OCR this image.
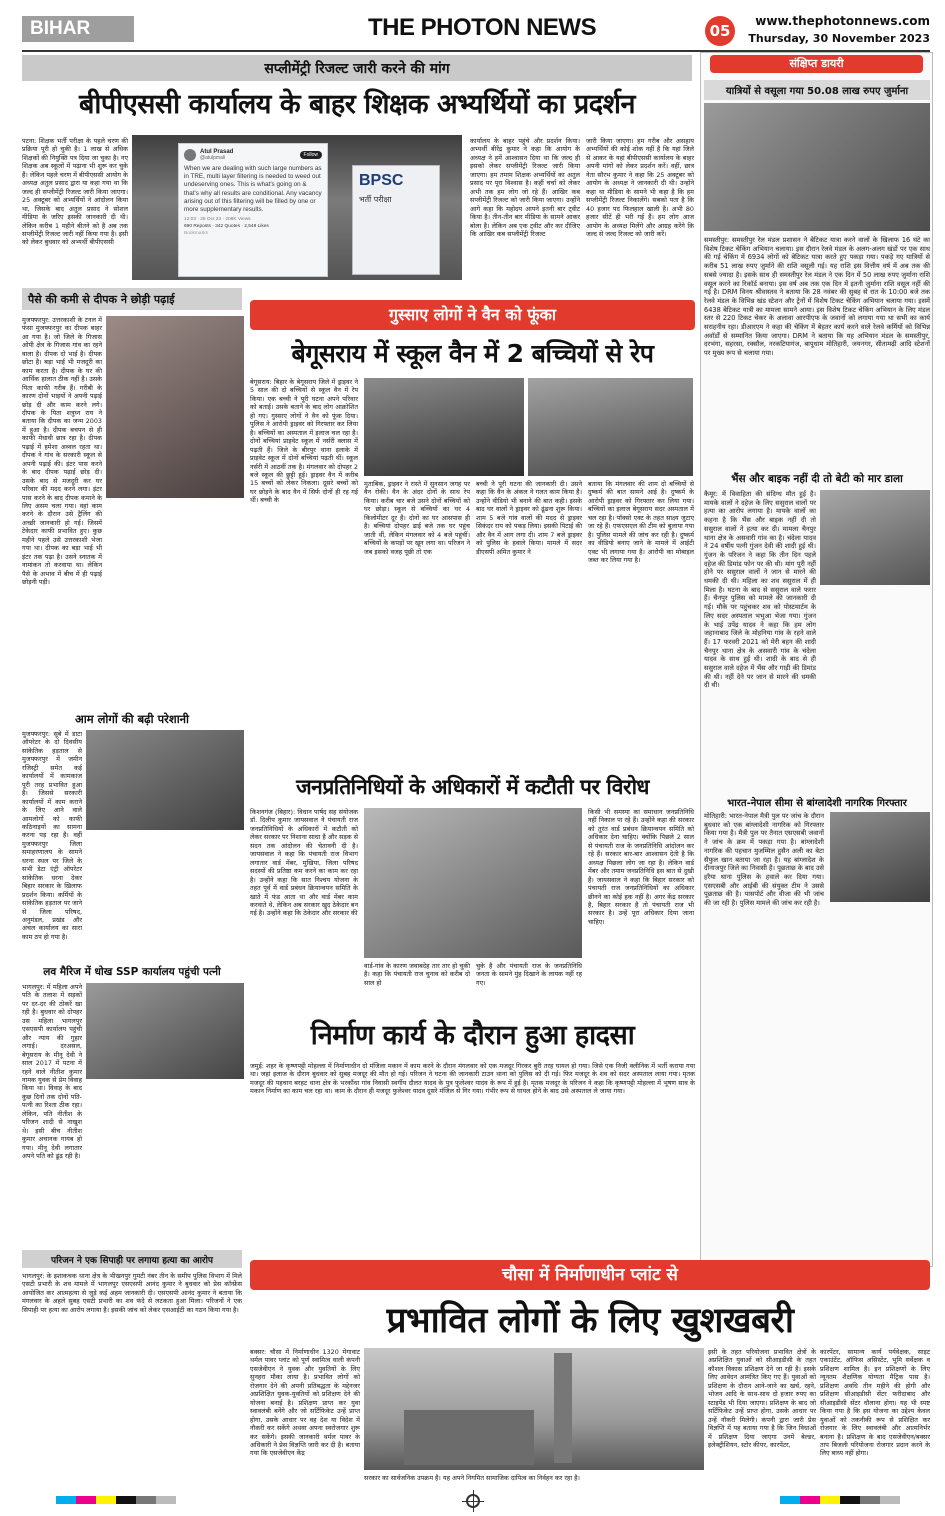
BIHAR	THE PHOTON NEWS	05
www.thephotonnews.com
Thursday, 30 November 2023
सप्लीमेंट्री रिजल्ट जारी करने की मांग
बीपीएससी कार्यालय के बाहर शिक्षक अभ्यर्थियों का प्रदर्शन
पटना: शिक्षक भर्ती परीक्षा के पहले चरण की प्रक्रिया पूरी हो चुकी है। 1 लाख से अधिक शिक्षकों की नियुक्ति पत्र दिया जा चुका है। नए शिक्षक अब स्कूलों में पढ़ाना भी शुरू कर चुके हैं। लेकिन पहले चरण में बीपीएससी आयोग के अध्यक्ष अतुल प्रसाद द्वारा या कहा गया था कि जल्द ही सप्लीमेंट्री रिजल्ट जारी किया जाएगा। 25 अक्टूबर को अभ्यर्थियों ने आंदोलन किया था, जिसके बाद अतुल प्रसाद ने सोशल मीडिया के जरिए इसकी जानकारी दी थी। लेकिन करीब 1 महीने बीतने को है अब तक सप्लीमेंट्री रिजल्ट जारी नहीं किया गया है। इसी को लेकर बुधवार को अभ्यर्थी बीपीएससी
Atul Prasad
@atulpmali	Follow
When we are dealing with such large numbers as in TRE, multi layer filtering is needed to weed out undeserving ones. This is what's going on & that's why all results are conditional. Any vacancy arising out of this filtering will be filled by one or more supplementary results.
12:03 · 25 Oct 23 · 208K Views
690 Reposts · 342 Quotes · 2,548 Likes
Bookmarks
BPSC
भर्ती परीक्षा
कार्यालय के बाहर पहुंचे और प्रदर्शन किया। अभ्यर्थी बीरेंद्र कुमार ने कहा कि आयोग के अध्यक्ष ने हमें आश्वासन दिया था कि जल्द ही इसको लेकर सप्लीमेंट्री रिजल्ट जारी किया जाएगा। हम तमाम शिक्षक अभ्यर्थियों का अतुल प्रसाद पर पूरा विश्वास है। कहीं चर्चा को लेकर अभी तक हम लोग जो रहे हैं। आखिर कब सप्लीमेंट्री रिजल्ट को जारी किया जाएगा। उन्होंने आगे कहा कि महोदय आपने इतनी बार ट्वीट किया है। तीन-तीन बार मीडिया के सामने आकर बोला है। लेकिन अब एक ट्वीट और कर दीजिए कि आखिर कब सप्लीमेंट्री रिजल्ट
जारी किया जाएगा। हम गरीब और असहाय अभ्यर्थियों की कोई शोक नहीं है कि यहां जिले से आकर के यहां बीपीएससी कार्यालय के बाहर अपनी मांगों को लेकर प्रदर्शन करें। वहीं, छात्र नेता सौरभ कुमार ने कहा कि 25 अक्टूबर को आयोग के अध्यक्ष ने जानकारी दी थी। उन्होंने कहा था मीडिया के सामने भी कहा है कि हम सप्लीमेंट्री रिजल्ट निकालेंगे। सबको पता है कि 40 हजार पद फिलहाल खाली है। अभी 80 हजार सीटें ही भरी गई हैं। हम लोग आज आयोग के अध्यक्ष मिलेंगे और आग्रह करेंगे कि जल्द से जल्द रिजल्ट को जारी करें।
संक्षिप्त डायरी
यात्रियों से वसूला गया 50.08 लाख रुपए जुर्माना
समस्तीपुर: समस्तीपुर रेल मंडल प्रशासन ने बेटिकट यात्रा करने वालों के खिलाफ 16 घंटे का विशेष टिकट चेकिंग अभियान चलाया। इस दौरान रेलवे मंडल के अलग-अलग खंडों पर एक साथ की गई चेकिंग में 6934 लोगों को बेटिकट यात्रा करते हुए पकड़ा गया। पकड़े गए यात्रियों से करीब 51 लाख रुपए जुर्माने की राशि वसूली गई। यह राशि इस वित्तीय वर्ष में अब तक की सबसे ज्यादा है। इसके साथ ही समस्तीपुर रेल मंडल ने एक दिन में 50 लाख रुपए जुर्माना राशि वसूल करने का रिकॉर्ड बनाया। इस वर्ष अब तक एक दिन में इतनी जुर्माना राशि वसूल नहीं की गई है। DRM विनय श्रीवास्तव ने बताया कि 28 नवंबर की सुबह से रात के 10:00 बजे तक रेलवे मंडल के विभिन्न खंड स्टेशन और ट्रेनों में विशेष टिकट चेकिंग अभियान चलाया गया। इसमें 6438 बेटिकट यात्री का मामला सामने आया। इस विशेष टिकट चेकिंग अभियान के लिए मंडल स्तर से 220 टिकट चेकर के अलावा आरपीएफ के जवानों को लगाया गया था सभी का कार्य सराहनीय रहा। डीआरएम ने कहा की चेकिंग में बेहतर कार्य करने वाले रेलवे कर्मियों को विभिन्न अवॉर्डों से सम्मानित किया जाएगा। DRM ने बताया कि यह अभियान मंडल के समस्तीपुर, दरभंगा, सहरसा, रक्सौल, नरकटियागंज, बापूधाम मोतिहारी, जयनगर, सीतामढ़ी आदि स्टेशनों पर मुख्य रूप से चलाया गया।
भैंस और बाइक नहीं दी तो बेटी को मार डाला
कैमूर: में विवाहिता की संदिग्ध मौत हुई है। मायके वालों ने दहेज के लिए ससुराल वालों पर हत्या का आरोप लगाया है। मायके वालों का कहना है कि भैंस और बाइक नहीं दी तो ससुराल वालों ने हत्या कर दी। मामला चैनपुर थाना क्षेत्र के असवारी गांव का है। चंदेला यादव ने 24 वर्षीय पत्नी गुंजन देवी की शादी हुई थी। गुंजन के परिजन ने कहा कि तीन दिन पहले दहेज की डिमांड फोन पर की थी। मांग पूरी नहीं होने पर ससुराल वालों ने जान से मारने की धमकी दी थी। महिला का शव ससुराल में ही मिला है। घटना के बाद से ससुराल वाले फरार हैं। चैनपुर पुलिस को मामले की जानकारी दी गई। मौके पर पहुंचकर शव को पोस्टमार्टम के लिए सदर अस्पताल भभुआ भेजा गया। गुंजन के भाई उपेंद्र यादव ने कहा कि हम लोग जहानाबाद जिले के मोहनिया गांव के रहने वाले हैं। 17 फरवरी 2021 को मेरी बहन की शादी चैनपुर थाना क्षेत्र के असवारी गांव के चंदेला यादव के साथ हुई थी। शादी के बाद से ही ससुराल वाले दहेज में भैंस और गाड़ी की डिमांड की थी। नहीं देने पर जान से मारने की धमकी दी थी।
भारत-नेपाल सीमा से बांग्लादेशी नागरिक गिरफ्तार
मोतिहारी: भारत-नेपाल मैत्री पुल पर जांच के दौरान बुधवार को एक बांग्लादेशी नागरिक को गिरफ्तार किया गया है। मैत्री पुल पर तैनात एसएसबी जवानों ने जांच के क्रम में पकड़ा गया है। बांग्लादेशी नागरिक की पहचान मुजम्मिल हुसैन अली का बेटा सैफुल खान बताया जा रहा है। यह बांग्लादेश के दीनाजपुर जिले का निवासी है। पूछताछ के बाद उसे हरैया थाना पुलिस के हवाले कर दिया गया। एसएसबी और आईबी की संयुक्त टीम ने उससे पूछताछ की है। पासपोर्ट और वीजा की भी जांच की जा रही है। पुलिस मामले की जांच कर रही है।
पैसे की कमी से दीपक ने छोड़ी पढ़ाई
मुजफ्फरपुर: उत्तरकाशी के टनल में फंसा मुजफ्फरपुर का दीपक बाहर आ गया है। जो जिले के गिजास ओपी क्षेत्र के गिजास गांव का रहने वाला है। दीपक दो भाई है। दीपक छोटा है। बड़ा भाई भी मजदूरी का काम करता है। दीपक के घर की आर्थिक हालात ठीक नहीं है। उसके पिता काफी गरीब हैं। गरीबी के कारण दोनों भाइयों ने अपनी पढ़ाई छोड़ दी और काम करने लगे। दीपक के पिता शत्रुघ्न राय ने बताया कि दीपक का जन्म 2003 में हुआ है। दीपक बचपन से ही काफी मेधावी छात्र रहा है। दीपक पढ़ाई में हमेशा अव्वल रहता था। दीपक ने गांव के सरकारी स्कूल से अपनी पढ़ाई की। इंटर पास करने के बाद दीपक पढ़ाई छोड़ दी। उसके बाद से मजदूरी कर घर परिवार की मदद करने लगा। इंटर पास करने के बाद दीपक कमाने के लिए असम चला गया। वहां काम करने के दौरान उसे ट्रैलिंग की अच्छी जानकारी हो गई। जिसमें टेकेदार काफी प्रभावित हुए। कुछ महीने पहले उसे उत्तरकाशी भेजा गया था। दीपक का बड़ा भाई भी इंटर तक पढ़ा है। उसने स्नातक में नामांकन तो करवाया था। लेकिन पैसे के अभाव में बीच में ही पढ़ाई छोड़नी पड़ी।
आम लोगों की बढ़ी परेशानी
मुजफ्फरपुर: सूबे में डाटा ऑपरेटर के दो दिवसीय सांकेतिक हड़ताल से मुजफ्फरपुर में जमीन रजिस्ट्री समेत कई कार्यालयों में कामकाज पूरी तरह प्रभावित हुआ है। जिससे सरकारी कार्यालयों में काम कराने के लिए आने वाले आमलोगों को काफी कठिनाइयों का सामना करना पड़ रहा है। वहीं मुजफ्फरपुर जिला समाहरणालय के सामने धरना स्थल पर जिले के सभी डेटा एंट्री ऑपरेटर सांकेतिक धरना देकर बिहार सरकार के खिलाफ प्रदर्शन किया। कर्मियों के सांकेतिक हड़ताल पर जाने से जिला परिषद, अनुमंडल, प्रखंड और अंचल कार्यालय का सारा काम ठप हो गया है।
लव मैरिज में धोख SSP कार्यालय पहुंची पत्नी
भागलपुर: में महिला अपने पति के तलाश में सड़कों पर दर-दर की ठोकरें खा रही है। बुधवार को दोपहर उस महिला भागलपुर एसएसपी कार्यालय पहुंची और न्याय की गुहार लगाई। दरअसल, बेगूसराय के मीनू देवी ने साल 2017 में पटना में रहने वाले नीतीश कुमार नामक युवक से प्रेम विवाह किया था। विवाह के बाद कुछ दिनों तक दोनों पति-पत्नी का रिश्ता ठीक रहा। लेकिन, पति नीतीश के परिजन शादी से नाखुश थे। इसी बीच नीतीश कुमार अचानक गायब हो गया। मीनू देवी लगातार अपने पति को ढूंढ रही है।
परिजन ने एक सिपाही पर लगाया हत्या का आरोप
भागलपुर: के इशाकचक थाना क्षेत्र के भीखनपुर गुमटी नंबर तीन के समीप पुलिस विभाग में मिले एसटी प्रभारी के शव मामले में भागलपुर एसएसपी आनंद कुमार ने बुधवार को प्रेस कॉन्फ्रेंस आयोजित कर आत्महत्या से जुड़े कई अहम जानकारी दी। एसएसपी आनंद कुमार ने बताया कि मंगलवार के अहले सुबह एसटी प्रभारी का शव फंदे से लटकता हुआ मिला। परिजनों ने एक सिपाही पर हत्या का आरोप लगाया है। इसकी जांच को लेकर एसआईटी का गठन किया गया है।
गुस्साए लोगों ने वैन को फूंका
बेगूसराय में स्कूल वैन में 2 बच्चियों से रेप
बेगूसराय: बिहार के बेगूसराय जिले में ड्राइवर ने 5 साल की दो बच्चियों से स्कूल वैन में रेप किया। एक बच्ची ने पूरी घटना अपने परिवार को बताई। उसके बताने के बाद लोग आक्रोशित हो गए। गुस्साए लोगों ने वैन को फूंक दिया। पुलिस ने आरोपी ड्राइवर को गिरफ्तार कर लिया है। बच्चियों का अस्पताल में इलाज चल रहा है। दोनों बच्चियां प्राइवेट स्कूल में नर्सरी क्लास में पढ़ती हैं। जिले के बीरपुर थाना इलाके में प्राइवेट स्कूल में दोनों बच्चियां पढ़ती थीं। स्कूल नर्सरी में आठवीं तक है। मंगलवार को दोपहर 2 बजे स्कूल की छुट्टी हुई। ड्राइवर वैन में करीब 15 बच्चों को लेकर निकला। दूसरे बच्चों को घर छोड़ने के बाद वैन में सिर्फ दोनों ही रह गई थीं। बच्ची के
मुताबिक, ड्राइवर ने रास्ते में सुनसान जगह पर वैन रोकी। वैन के अंदर दोनों के साथ रेप किया। करीब चार बजे उसने दोनों बच्चियों को घर छोड़ा। स्कूल से बच्चियों का घर 4 किलोमीटर दूर है। दोनों का घर आसपास ही है। बच्चियां दोपहर ढाई बजे तक घर पहुंच जाती थीं, लेकिन मंगलवार को 4 बजे पहुंचीं। बच्चियों के कपड़ों पर खून लगा था। परिजन ने जब इसको वजह पूछी तो एक
बच्ची ने पूरी घटना की जानकारी दी। उसने कहा कि वैन के अंकल ने गलत काम किया है। उन्होंने वीडियो भी बनाने की बात कही। इसके बाद घर वालों ने ड्राइवर को ढूंढना शुरू किया। शाम 5 बजे गांव वालों की मदद से ड्राइवर सिकंदर राय को पकड़ लिया। इसकी पिटाई की और वैन में आग लगा दी। शाम 7 बजे ड्राइवर को पुलिस के हवाले किया। मामले में सदर डीएसपी अमित कुमार ने
बताया कि मंगलवार की शाम दो बच्चियों से दुष्कर्म की बात सामने आई है। दुष्कर्म के आरोपी ड्राइवर को गिरफ्तार कर लिया गया। बच्चियों का इलाज बेगूसराय सदर अस्पताल में चल रहा है। पॉक्सो एक्ट के तहत साक्ष्य जुटाए जा रहे हैं। एफएसएल की टीम को बुलाया गया है। पुलिस मामले की जांच कर रही है। दुष्कर्म का वीडियो बनाए जाने के मामले में आईटी एक्ट भी लगाया गया है। आरोपी का मोबाइल जब्त कर लिया गया है।
जनप्रतिनिधियों के अधिकारों में कटौती पर विरोध
किशनगंज (बिहार): विधान पार्षद सह संयोजक डॉ. दिलीप कुमार जायसवाल ने पंचायती राज जनप्रतिनिधियों के अधिकारों में कटौती को लेकर सरकार पर निशाना साधा है और सड़क से सदन तक आंदोलन की चेतावनी दी है। जायसवाल ने कहा कि पंचायती राज विभाग लगातार वार्ड मेंबर, मुखिया, जिला परिषद सदस्यों की प्रतिष्ठा कम करने का काम कर रहा है। उन्होंने कहा कि सात निश्चय योजना के तहत पूर्व में वार्ड प्रबंधन क्रियान्वयन समिति के खाते में फंड आता था और वार्ड मेंबर काम करवाते थे, लेकिन अब सरकार खुद ठेकेदार बन गई है। उन्होंने कहा कि ठेकेदार और सरकार की
वार्ड-गांव के कारण जवाबदेह तार तार हो चुकी है। कहा कि पंचायती राज चुनाव को करीब दो साल हो
चुके है और पंचायती राज के जनप्रतिनिधि जनता के सामने मुंह दिखाने के लायक नहीं रह गए।
किसी भी समस्या का समाधान जनप्रतिनिधि नहीं निकाल पा रहे हैं। उन्होंने कहा की सरकार को तुरंत वार्ड प्रबंधन क्रियान्वयन समिति को अधिकार देना चाहिए। क्योंकि पिछले 2 साल से पंचायती राज के जनप्रतिनिधि आंदोलन कर रहे हैं। सरकार बार-बार आश्वासन देती है कि अध्यक्ष पिछला लोग जा रहा है। लेकिन वार्ड मेंबर और तमाम जनप्रतिनिधि इस बात से दुखी हैं। जायसवाल ने कहा कि बिहार सरकार को पंचायती राज जनप्रतिनिधियों का अधिकार छीनने का कोई हक नहीं है। अगर केंद्र सरकार है, बिहार सरकार है तो पंचायती राज भी सरकार है। उन्हें पूरा अधिकार दिया जाना चाहिए।
निर्माण कार्य के दौरान हुआ हादसा
जमुई: शहर के कृष्णपट्टी मोहल्ला में निर्माणाधीन दो मंजिला मकान में काम करने के दौरान मंगलवार को एक मजदूर गिरकर बुरी तरह घायल हो गया। जिसे एक निजी क्लीनिक में भर्ती कराया गया था। जहां इलाज के दौरान बुधवार को सुबह मजदूर की मौत हो गई। परिजन ने घटना की जानकारी टाउन थाना को पुलिस को दी गई। फिर मजदूर के शव को सदर अस्पताल लाया गया। मृतक मजदूर की पहचान बरहट थाना क्षेत्र के भरकौंधा गांव निवासी स्वर्गीय दौलत यादव के पुत्र फुलेश्वर यादव के रूप में हुई है। मृतक मजदूर के परिजन ने कहा कि कृष्णपट्टी मोहल्ला में भूषण साव के मकान निर्माण का काम चल रहा था। काम के दौरान ही मजदूर फुलेश्वर यादव दूसरे मंजिल से गिर गया। गंभीर रूप से घायल होने के बाद उसे अस्पताल ले जाया गया।
चौसा में निर्माणाधीन प्लांट से
प्रभावित लोगों के लिए खुशखबरी
बक्सर: चौसा में निर्माणाधीन 1320 मेगावाट थर्मल पावर प्लांट को पूर्ण स्वामित्व वाली कंपनी एसजेवीएन ने युवक और युवतियों के लिए सुनहरा मौका लाया है। प्रभावित लोगों को रोजगार देने की अपनी प्रतिबद्धता के मद्देनजर अप्रशिक्षित युवक-युवतियों को प्रशिक्षण देने की योजना बनाई है। प्रशिक्षण प्राप्त कर युवा स्वावलंबी बनेंगे और जो सर्टिफिकेट उन्हें प्राप्त होगा, उसके आधार पर वह देश या विदेश में नौकरी कर सकेंगे अथवा अपना स्वरोजगार शुरू कर सकेंगे। इसकी जानकारी थर्मल पावर के अधिकारी ने प्रेस विज्ञप्ति जारी कर दी है। बताया गया कि एसजेवीएन केंद्र
सरकार का सार्वजनिक उपक्रम है। यह अपने निगमित सामाजिक दायित्व का निर्वहन कर रहा है।
इसी के तहत परियोजना प्रभावित क्षेत्रों के अप्रशिक्षित युवाओं को सीआइडीसी के तहत कौशल विकास प्रशिक्षण देने जा रही है। इसके लिए आवेदन आमंत्रित किए गए हैं। युवाओं को प्रशिक्षण के दौरान आने-जाने का खर्च, रहने, भोजन आदि के साथ-साथ दो हजार रुपए का स्टाइपेंड भी दिया जाएगा। प्रशिक्षण के बाद जो सर्टिफिकेट उन्हें प्राप्त होगा, उसके आधार पर उन्हें नौकरी मिलेगी। कंपनी द्वारा जारी प्रेस विज्ञप्ति में यह बताया गया है कि जिन विधाओं में प्रशिक्षण दिया जाएगा उनमें बेल्डर, इलेक्ट्रीशियन, स्टोर कीपर, कारपेंटर,
कारपेंटर, सामान्य कार्य पर्यवेक्षक, साइट एकाउंटेंट, ऑफिस असिस्टेंट, भूमि सर्वेक्षक व प्रशिक्षण शामिल है। इन प्रशिक्षणों के लिए न्यूनतम शैक्षणिक योग्यता मैट्रिक पास है। प्रशिक्षण अवधि तीन महीने की होगी और प्रशिक्षण सीआइडीसी सेंटर फरीदाबाद और सीआइडीसी सेंटर धौलाना होगा। यह भी स्पष्ट किया गया है कि इस योजना का उद्देश्य केवल युवाओं को तकनीकी रूप से प्रशिक्षित कर रोजगार के लिए स्वावलंबी और आत्मनिर्भर बनाना है। प्रशिक्षण के बाद एसजेवीएन/बक्सर ताप बिजली परियोजना रोजगार प्रदान करने के लिए बाध्य नहीं होगा।
